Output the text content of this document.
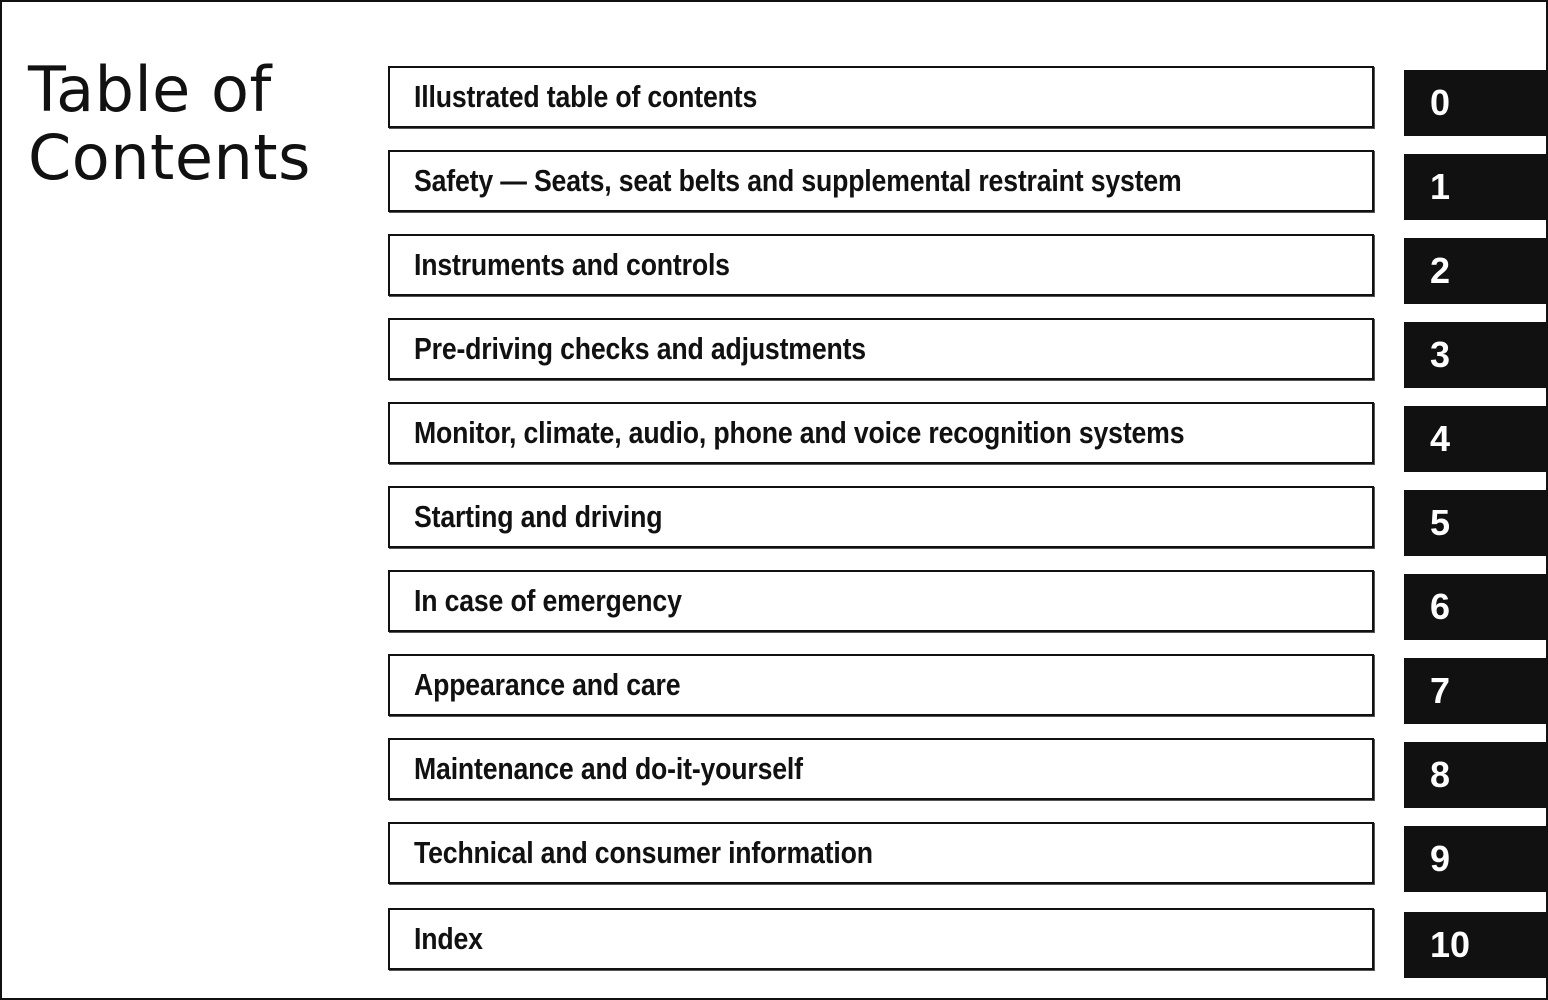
Table of
Contents
Illustrated table of contents	0
Safety — Seats, seat belts and supplemental restraint system	1
Instruments and controls	2
Pre-driving checks and adjustments	3
Monitor, climate, audio, phone and voice recognition systems	4
Starting and driving	5
In case of emergency	6
Appearance and care	7
Maintenance and do-it-yourself	8
Technical and consumer information	9
Index	10
